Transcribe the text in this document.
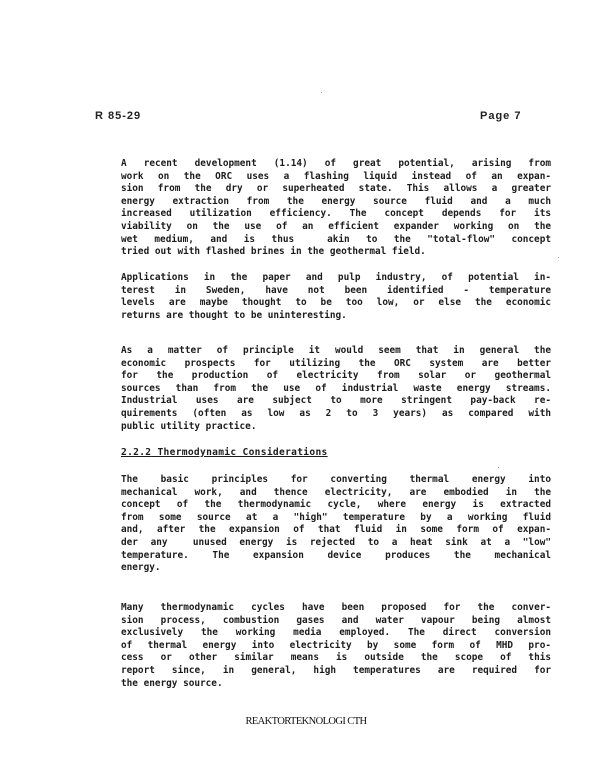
R 85-29	Page 7
A recent development (1.14) of great potential, arising from
work on the ORC uses a flashing liquid instead of an expan-
sion from the dry or superheated state. This allows a greater
energy extraction from the energy source fluid and a much
increased utilization efficiency. The concept depends for its
viability on the use of an efficient expander working on the
wet medium, and is thus  akin to the "total-flow" concept
tried out with flashed brines in the geothermal field.
Applications in the paper and pulp industry, of potential in-
terest in Sweden, have not been identified - temperature
levels are maybe thought to be too low, or else the economic
returns are thought to be uninteresting.
As a matter of principle it would seem that in general the
economic prospects for utilizing the ORC system are better
for the production of electricity from solar or geothermal
sources than from the use of industrial waste energy streams.
Industrial uses are subject to more stringent pay-back re-
quirements (often as low as 2 to 3 years) as compared with
public utility practice.
2.2.2 Thermodynamic Considerations
The basic principles for converting thermal energy into
mechanical work, and thence electricity, are embodied in the
concept of the thermodynamic cycle, where energy is extracted
from some source at a "high" temperature by a working fluid
and, after the expansion of that fluid in some form of expan-
der any  unused energy is rejected to a heat sink at a "low"
temperature. The expansion device produces the mechanical
energy.
Many thermodynamic cycles have been proposed for the conver-
sion process, combustion gases and water vapour being almost
exclusively the working media employed. The direct conversion
of thermal energy into electricity by some form of MHD pro-
cess or other similar means is outside the scope of this
report since, in general, high temperatures are required for
the energy source.
REAKTORTEKNOLOGI CTH
